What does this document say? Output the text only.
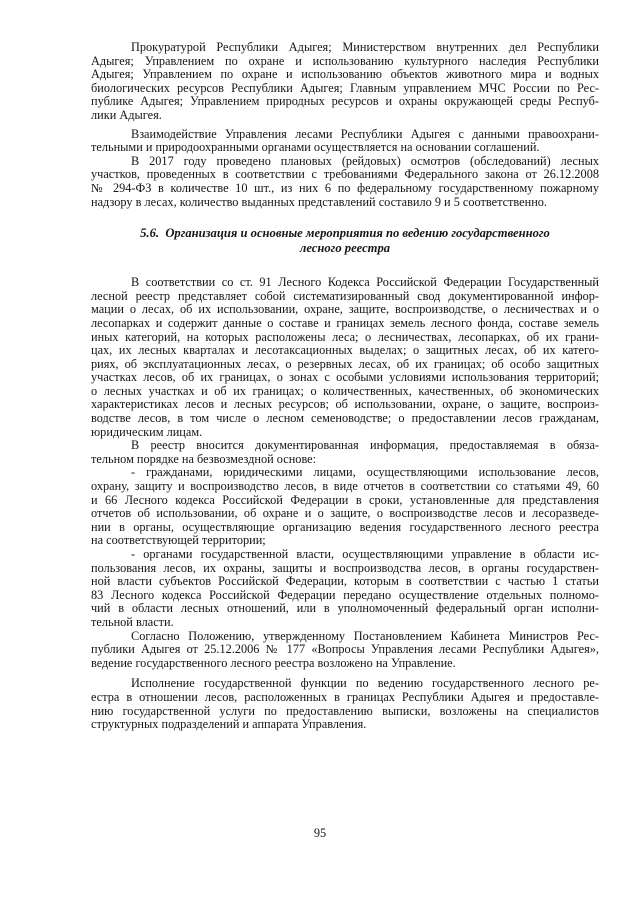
Прокуратурой Республики Адыгея; Министерством внутренних дел Республики
Адыгея; Управлением по охране и использованию культурного наследия Республики
Адыгея; Управлением по охране и использованию объектов животного мира и водных
биологических ресурсов Республики Адыгея; Главным управлением МЧС России по Рес-
публике Адыгея; Управлением природных ресурсов и охраны окружающей среды Респуб-
лики Адыгея.
Взаимодействие Управления лесами Республики Адыгея с данными правоохрани-
тельными и природоохранными органами осуществляется на основании соглашений.
В 2017 году проведено плановых (рейдовых) осмотров (обследований) лесных
участков, проведенных в соответствии с требованиями Федерального закона от 26.12.2008
№ 294-ФЗ в количестве 10 шт., из них 6 по федеральному государственному пожарному
надзору в лесах, количество выданных представлений составило 9 и 5 соответственно.
5.6. Организация и основные мероприятия по ведению государственного
лесного реестра
В соответствии со ст. 91 Лесного Кодекса Российской Федерации Государственный
лесной реестр представляет собой систематизированный свод документированной инфор-
мации о лесах, об их использовании, охране, защите, воспроизводстве, о лесничествах и о
лесопарках и содержит данные о составе и границах земель лесного фонда, составе земель
иных категорий, на которых расположены леса; о лесничествах, лесопарках, об их грани-
цах, их лесных кварталах и лесотаксационных выделах; о защитных лесах, об их катего-
риях, об эксплуатационных лесах, о резервных лесах, об их границах; об особо защитных
участках лесов, об их границах, о зонах с особыми условиями использования территорий;
о лесных участках и об их границах; о количественных, качественных, об экономических
характеристиках лесов и лесных ресурсов; об использовании, охране, о защите, воспроиз-
водстве лесов, в том числе о лесном семеноводстве; о предоставлении лесов гражданам,
юридическим лицам.
В реестр вносится документированная информация, предоставляемая в обяза-
тельном порядке на безвозмездной основе:
- гражданами, юридическими лицами, осуществляющими использование лесов,
охрану, защиту и воспроизводство лесов, в виде отчетов в соответствии со статьями 49, 60
и 66 Лесного кодекса Российской Федерации в сроки, установленные для представления
отчетов об использовании, об охране и о защите, о воспроизводстве лесов и лесоразведе-
нии в органы, осуществляющие организацию ведения государственного лесного реестра
на соответствующей территории;
- органами государственной власти, осуществляющими управление в области ис-
пользования лесов, их охраны, защиты и воспроизводства лесов, в органы государствен-
ной власти субъектов Российской Федерации, которым в соответствии с частью 1 статьи
83 Лесного кодекса Российской Федерации передано осуществление отдельных полномо-
чий в области лесных отношений, или в уполномоченный федеральный орган исполни-
тельной власти.
Согласно Положению, утвержденному Постановлением Кабинета Министров Рес-
публики Адыгея от 25.12.2006 № 177 «Вопросы Управления лесами Республики Адыгея»,
ведение государственного лесного реестра возложено на Управление.
Исполнение государственной функции по ведению государственного лесного ре-
естра в отношении лесов, расположенных в границах Республики Адыгея и предоставле-
нию государственной услуги по предоставлению выписки, возложены на специалистов
структурных подразделений и аппарата Управления.
95
